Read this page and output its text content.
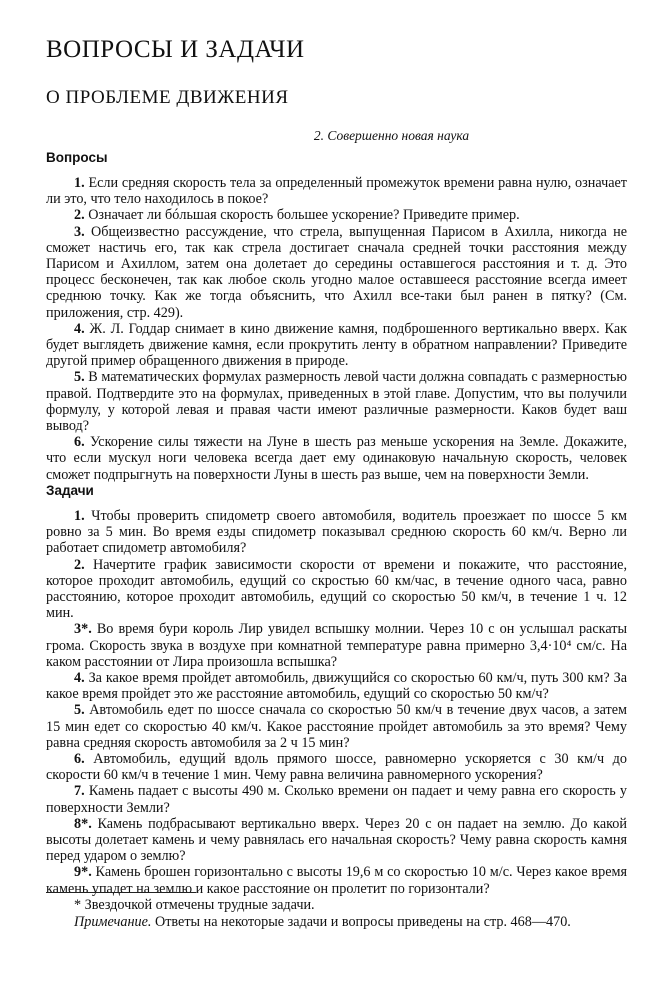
ВОПРОСЫ И ЗАДАЧИ
О ПРОБЛЕМЕ ДВИЖЕНИЯ
2. Совершенно новая наука
Вопросы

1. Если средняя скорость тела за определенный промежуток времени равна нулю, означает ли это, что тело находилось в покое?

2. Означает ли бóльшая скорость большее ускорение? Приведите пример.

3. Общеизвестно рассуждение, что стрела, выпущенная Парисом в Ахилла, никогда не сможет настичь его, так как стрела достигает сначала средней точки расстояния между Парисом и Ахиллом, затем она долетает до середины оставшегося расстояния и т. д. Это процесс бесконечен, так как любое сколь угодно малое оставшееся расстояние всегда имеет среднюю точку. Как же тогда объяснить, что Ахилл все-таки был ранен в пятку? (См. приложения, стр. 429).

4. Ж. Л. Годдар снимает в кино движение камня, подброшенного вертикально вверх. Как будет выглядеть движение камня, если прокрутить ленту в обратном направлении? Приведите другой пример обращенного движения в природе.

5. В математических формулах размерность левой части должна совпадать с размерностью правой. Подтвердите это на формулах, приведенных в этой главе. Допустим, что вы получили формулу, у которой левая и правая части имеют различные размерности. Каков будет ваш вывод?

6. Ускорение силы тяжести на Луне в шесть раз меньше ускорения на Земле. Докажите, что если мускул ноги человека всегда дает ему одинаковую начальную скорость, человек сможет подпрыгнуть на поверхности Луны в шесть раз выше, чем на поверхности Земли.

Задачи

1. Чтобы проверить спидометр своего автомобиля, водитель проезжает по шоссе 5 км ровно за 5 мин. Во время езды спидометр показывал среднюю скорость 60 км/ч. Верно ли работает спидометр автомобиля?

2. Начертите график зависимости скорости от времени и покажите, что расстояние, которое проходит автомобиль, едущий со скростью 60 км/час, в течение одного часа, равно расстоянию, которое проходит автомобиль, едущий со скоростью 50 км/ч, в течение 1 ч. 12 мин.

3*. Во время бури король Лир увидел вспышку молнии. Через 10 с он услышал раскаты грома. Скорость звука в воздухе при комнатной температуре равна примерно 3,4·10⁴ см/с. На каком расстоянии от Лира произошла вспышка?

4. За какое время пройдет автомобиль, движущийся со скоростью 60 км/ч, путь 300 км? За какое время пройдет это же расстояние автомобиль, едущий со скоростью 50 км/ч?

5. Автомобиль едет по шоссе сначала со скоростью 50 км/ч в течение двух часов, а затем 15 мин едет со скоростью 40 км/ч. Какое расстояние пройдет автомобиль за это время? Чему равна средняя скорость автомобиля за 2 ч 15 мин?

6. Автомобиль, едущий вдоль прямого шоссе, равномерно ускоряется с 30 км/ч до скорости 60 км/ч в течение 1 мин. Чему равна величина равномерного ускорения?

7. Камень падает с высоты 490 м. Сколько времени он падает и чему равна его скорость у поверхности Земли?

8*. Камень подбрасывают вертикально вверх. Через 20 с он падает на землю. До какой высоты долетает камень и чему равнялась его начальная скорость? Чему равна скорость камня перед ударом о землю?

9*. Камень брошен горизонтально с высоты 19,6 м со скоростью 10 м/с. Через какое время камень упадет на землю и какое расстояние он пролетит по горизонтали?

* Звездочкой отмечены трудные задачи.

Примечание. Ответы на некоторые задачи и вопросы приведены на стр. 468—470.
